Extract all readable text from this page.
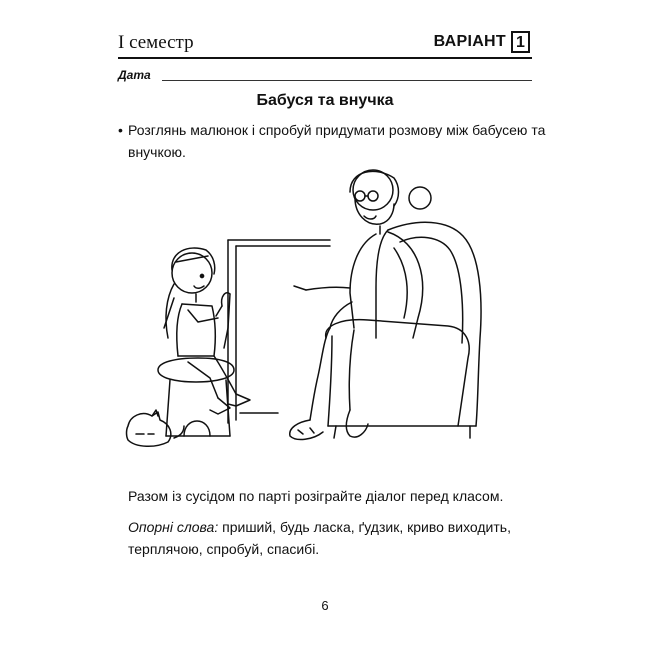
I семестр	ВАРІАНТ 1
Дата
Бабуся та внучка
• Розглянь малюнок і спробуй придумати розмову між бабусею та внучкою.
Разом із сусідом по парті розіграйте діалог перед класом.
Опорні слова: приший, будь ласка, ґудзик, криво виходить, терплячою, спробуй, спасибі.
6
